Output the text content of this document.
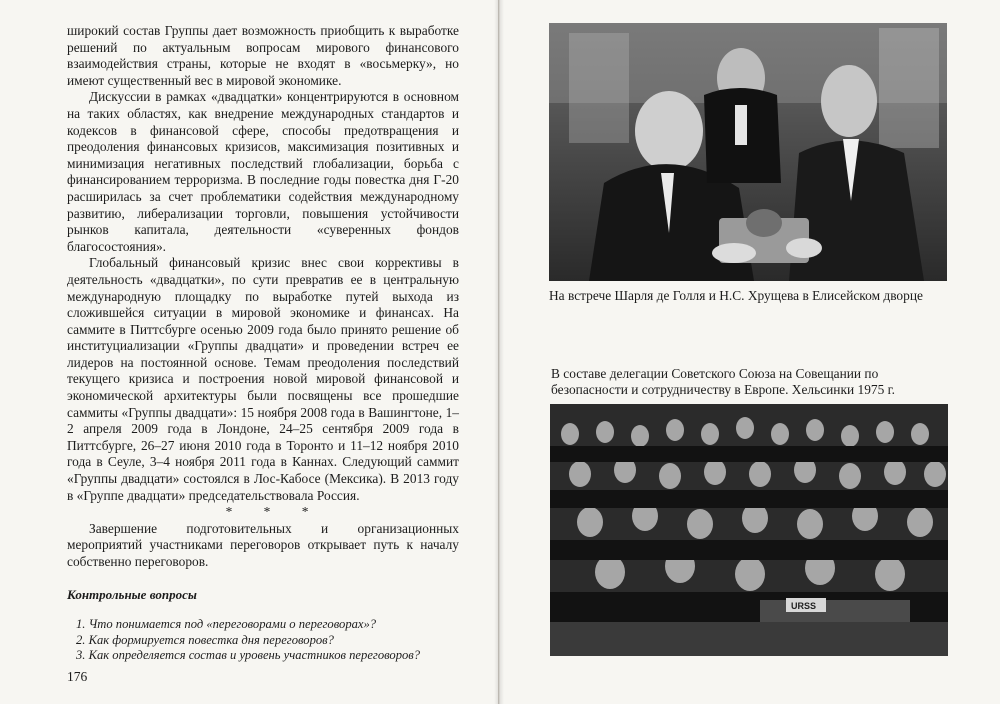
широкий состав Группы дает возможность приобщить к выработке решений по актуальным вопросам мирового финансового взаимодействия страны, которые не входят в «восьмерку», но имеют существенный вес в мировой экономике.

Дискуссии в рамках «двадцатки» концентрируются в основном на таких областях, как внедрение международных стандартов и кодексов в финансовой сфере, способы предотвращения и преодоления финансовых кризисов, максимизация позитивных и минимизация негативных последствий глобализации, борьба с финансированием терроризма. В последние годы повестка дня Г-20 расширилась за счет проблематики содействия международному развитию, либерализации торговли, повышения устойчивости рынков капитала, деятельности «суверенных фондов благосостояния».

Глобальный финансовый кризис внес свои коррективы в деятельность «двадцатки», по сути превратив ее в центральную международную площадку по выработке путей выхода из сложившейся ситуации в мировой экономике и финансах. На саммите в Питтсбурге осенью 2009 года было принято решение об институциализации «Группы двадцати» и проведении встреч ее лидеров на постоянной основе. Темам преодоления последствий текущего кризиса и построения новой мировой финансовой и экономической архитектуры были посвящены все прошедшие саммиты «Группы двадцати»: 15 ноября 2008 года в Вашингтоне, 1–2 апреля 2009 года в Лондоне, 24–25 сентября 2009 года в Питтсбурге, 26–27 июня 2010 года в Торонто и 11–12 ноября 2010 года в Сеуле, 3–4 ноября 2011 года в Каннах. Следующий саммит «Группы двадцати» состоялся в Лос-Кабосе (Мексика). В 2013 году в «Группе двадцати» председательствовала Россия.

* * *

Завершение подготовительных и организационных мероприятий участниками переговоров открывает путь к началу собственно переговоров.

Контрольные вопросы
1. Что понимается под «переговорами о переговорах»?
2. Как формируется повестка дня переговоров?
3. Как определяется состав и уровень участников переговоров?
176
На встрече Шарля де Голля и Н.С. Хрущева в Елисейском дворце
В составе делегации Советского Союза на Совещании по безопасности и сотрудничеству в Европе. Хельсинки 1975 г.
URSS
